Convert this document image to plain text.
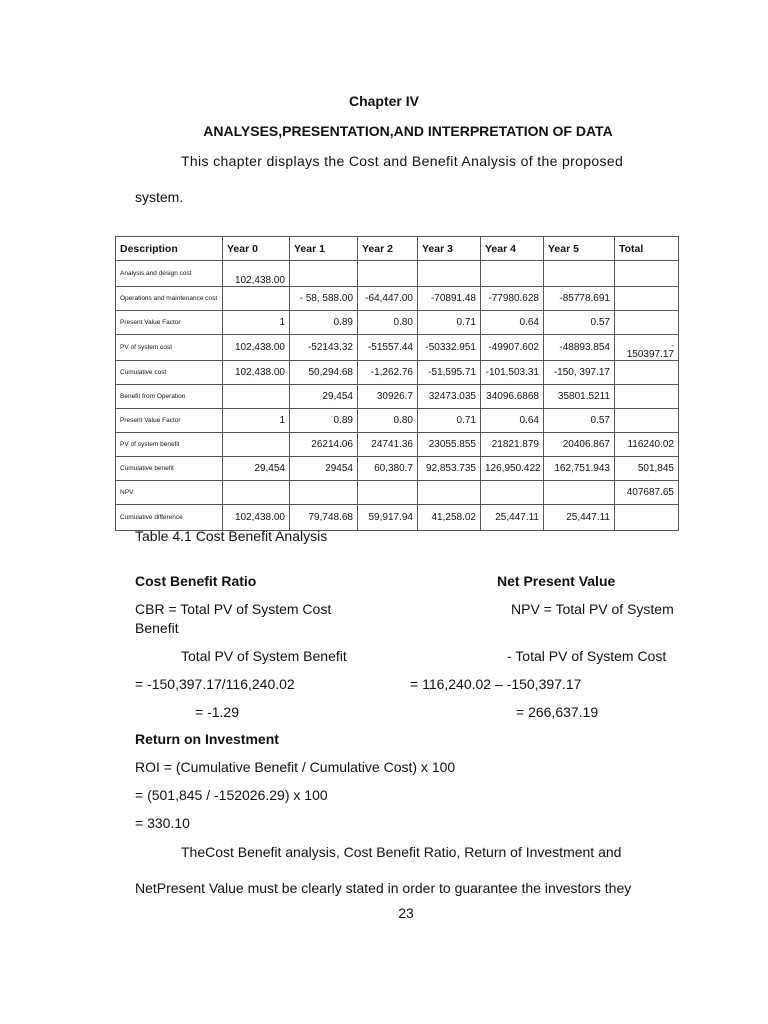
Chapter IV
ANALYSES,PRESENTATION,AND INTERPRETATION OF DATA
This chapter displays the Cost and Benefit Analysis of the proposed
system.
Description	Year 0	Year 1	Year 2	Year 3	Year 4	Year 5	Total
Analysis and design cost	102,438.00						
Operations and maintenance cost		- 58, 588.00	-64,447.00	-70891.48	-77980.628	-85778.691	
Present Value Factor	1	0.89	0.80	0.71	0.64	0.57	
PV of system cost	102,438.00	-52143.32	-51557.44	-50332.951	-49907.602	-48893.854	-
150397.17

Cumulative cost	102,438.00	50,294.68	-1,262.76	-51,595.71	-101,503.31	-150, 397.17	
Benefit from Operation		29,454	30926.7	32473.035	34096.6868	35801.5211	
Present Value Factor	1	0.89	0.80	0.71	0.64	0.57	
PV of system benefit		26214.06	24741.36	23055.855	21821.879	20406.867	116240.02
Cumulative benefit	29,454	29454	60,380.7	92,853.735	126,950.422	162,751.943	501,845
NPV							407687.65
Cumulative difference	102,438.00	79,748.68	59,917.94	41,258.02	25,447.11	25,447.11	
Table 4.1 Cost Benefit Analysis
Cost Benefit Ratio
CBR = Total PV of System Cost
Benefit
Total PV of System Benefit
= -150,397.17/116,240.02
= -1.29
Net Present Value
NPV = Total PV of System
- Total PV of System Cost
= 116,240.02 – -150,397.17
= 266,637.19
Return on Investment
ROI = (Cumulative Benefit / Cumulative Cost) x 100
= (501,845 / -152026.29) x 100
= 330.10
TheCost Benefit analysis, Cost Benefit Ratio, Return of Investment and
NetPresent Value must be clearly stated in order to guarantee the investors they
23
